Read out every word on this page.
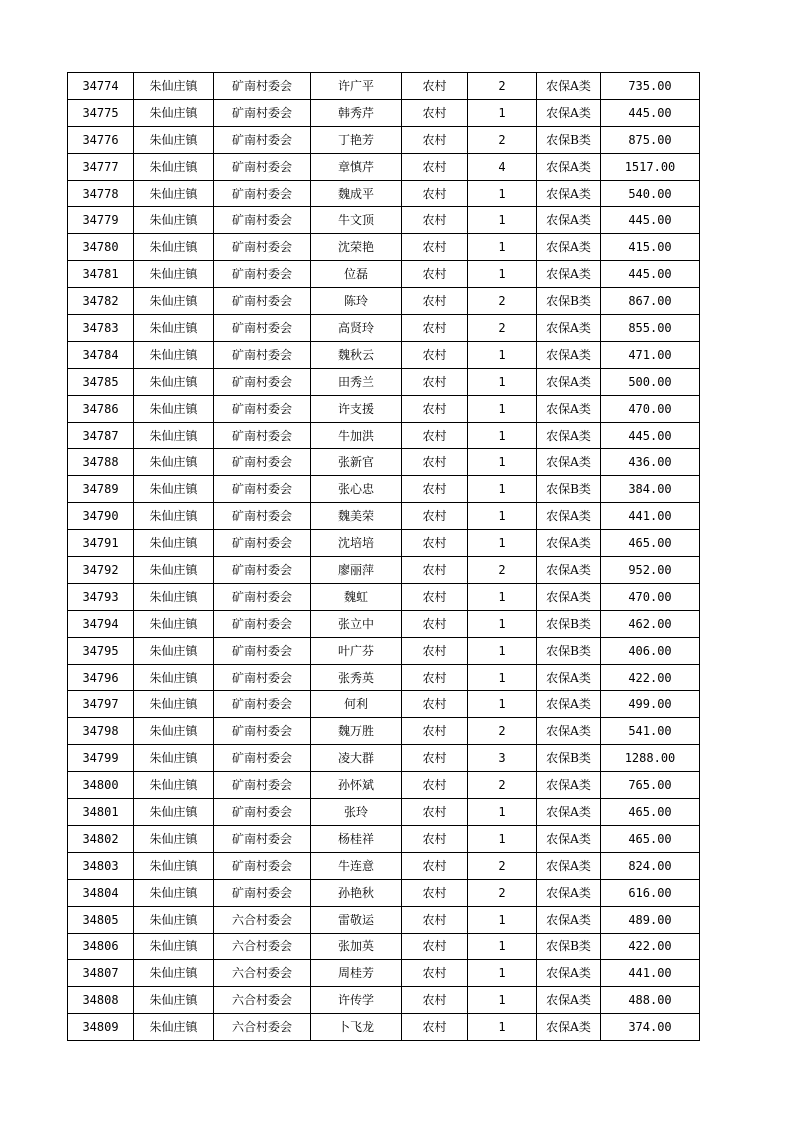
34774	朱仙庄镇	矿南村委会	许广平	农村	2	农保A类	735.00
34775	朱仙庄镇	矿南村委会	韩秀芹	农村	1	农保A类	445.00
34776	朱仙庄镇	矿南村委会	丁艳芳	农村	2	农保B类	875.00
34777	朱仙庄镇	矿南村委会	章慎芹	农村	4	农保A类	1517.00
34778	朱仙庄镇	矿南村委会	魏成平	农村	1	农保A类	540.00
34779	朱仙庄镇	矿南村委会	牛文顶	农村	1	农保A类	445.00
34780	朱仙庄镇	矿南村委会	沈荣艳	农村	1	农保A类	415.00
34781	朱仙庄镇	矿南村委会	位磊	农村	1	农保A类	445.00
34782	朱仙庄镇	矿南村委会	陈玲	农村	2	农保B类	867.00
34783	朱仙庄镇	矿南村委会	高贤玲	农村	2	农保A类	855.00
34784	朱仙庄镇	矿南村委会	魏秋云	农村	1	农保A类	471.00
34785	朱仙庄镇	矿南村委会	田秀兰	农村	1	农保A类	500.00
34786	朱仙庄镇	矿南村委会	许支援	农村	1	农保A类	470.00
34787	朱仙庄镇	矿南村委会	牛加洪	农村	1	农保A类	445.00
34788	朱仙庄镇	矿南村委会	张新官	农村	1	农保A类	436.00
34789	朱仙庄镇	矿南村委会	张心忠	农村	1	农保B类	384.00
34790	朱仙庄镇	矿南村委会	魏美荣	农村	1	农保A类	441.00
34791	朱仙庄镇	矿南村委会	沈培培	农村	1	农保A类	465.00
34792	朱仙庄镇	矿南村委会	廖丽萍	农村	2	农保A类	952.00
34793	朱仙庄镇	矿南村委会	魏虹	农村	1	农保A类	470.00
34794	朱仙庄镇	矿南村委会	张立中	农村	1	农保B类	462.00
34795	朱仙庄镇	矿南村委会	叶广芬	农村	1	农保B类	406.00
34796	朱仙庄镇	矿南村委会	张秀英	农村	1	农保A类	422.00
34797	朱仙庄镇	矿南村委会	何利	农村	1	农保A类	499.00
34798	朱仙庄镇	矿南村委会	魏万胜	农村	2	农保A类	541.00
34799	朱仙庄镇	矿南村委会	凌大群	农村	3	农保B类	1288.00
34800	朱仙庄镇	矿南村委会	孙怀斌	农村	2	农保A类	765.00
34801	朱仙庄镇	矿南村委会	张玲	农村	1	农保A类	465.00
34802	朱仙庄镇	矿南村委会	杨桂祥	农村	1	农保A类	465.00
34803	朱仙庄镇	矿南村委会	牛连意	农村	2	农保A类	824.00
34804	朱仙庄镇	矿南村委会	孙艳秋	农村	2	农保A类	616.00
34805	朱仙庄镇	六合村委会	雷敬运	农村	1	农保A类	489.00
34806	朱仙庄镇	六合村委会	张加英	农村	1	农保B类	422.00
34807	朱仙庄镇	六合村委会	周桂芳	农村	1	农保A类	441.00
34808	朱仙庄镇	六合村委会	许传学	农村	1	农保A类	488.00
34809	朱仙庄镇	六合村委会	卜飞龙	农村	1	农保A类	374.00
